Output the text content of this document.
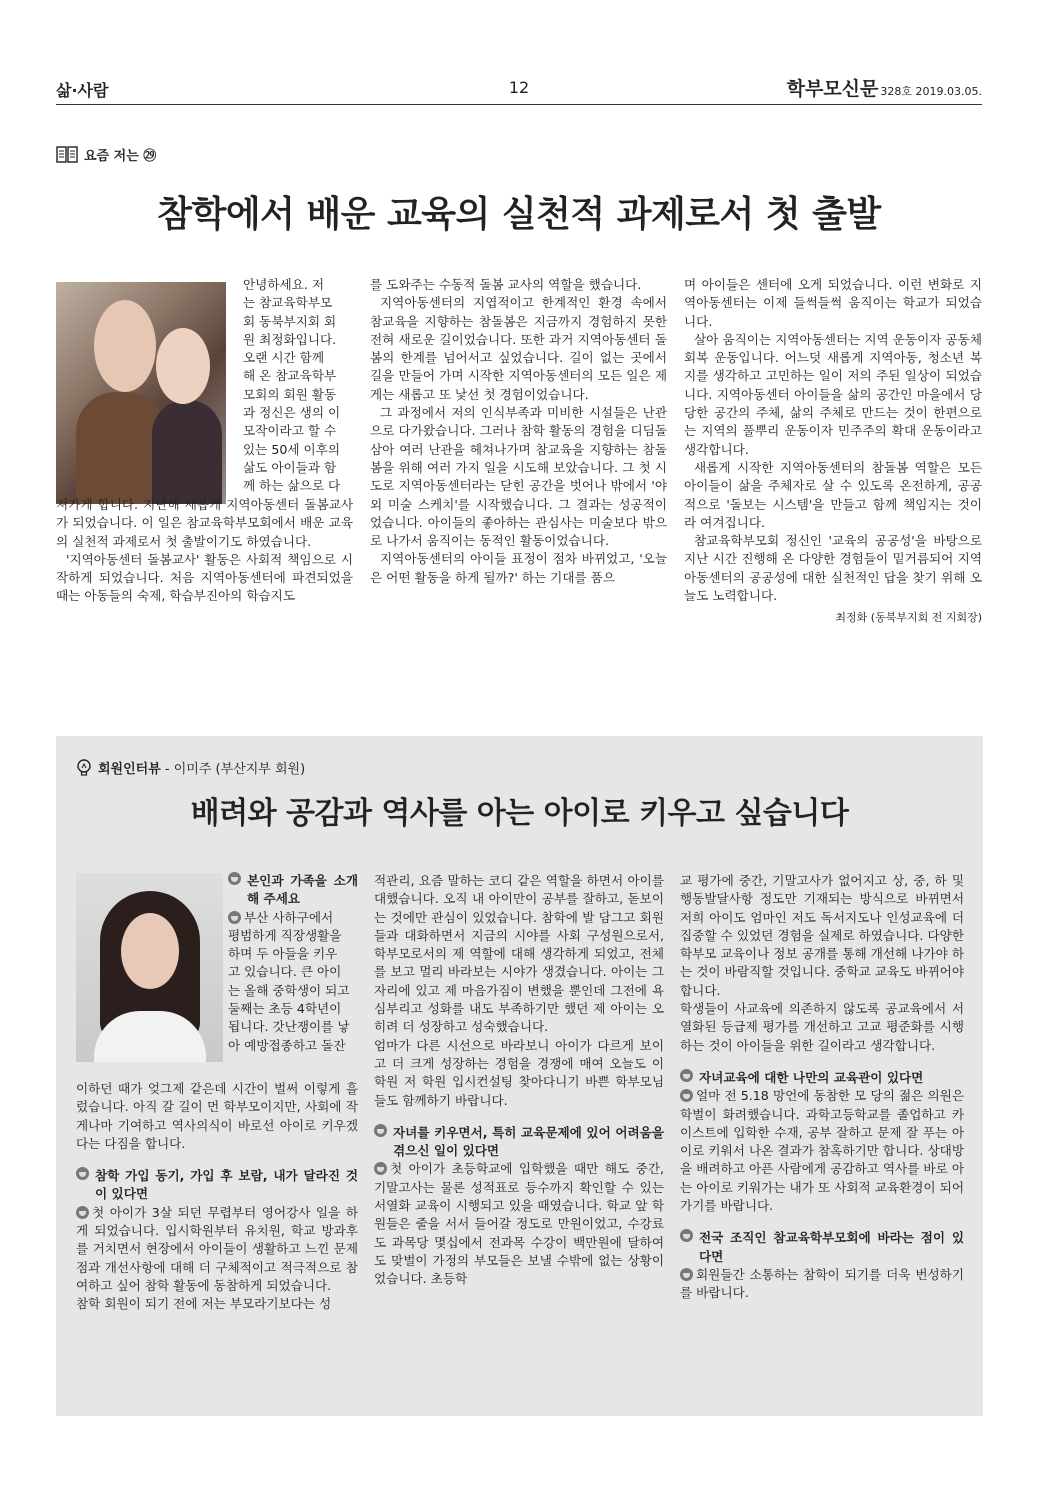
삶·사람	12	학부모신문 328호 2019.03.05.
요즘 저는 ㉙
참학에서 배운 교육의 실천적 과제로서 첫 출발

안녕하세요. 저

는 참교육학부모

회 동북부지회 회

원 최정화입니다.

오랜 시간 함께

해 온 참교육학부

모회의 회원 활동

과 정신은 생의 이

모작이라고 할 수

있는 50세 이후의

삶도 아이들과 함

께 하는 삶으로 다

져가게 합니다. 지난해 새롭게 지역아동센터 돌봄교사가 되었습니다. 이 일은 참교육학부모회에서 배운 교육의 실천적 과제로서 첫 출발이기도 하였습니다.

'지역아동센터 돌봄교사' 활동은 사회적 책임으로 시작하게 되었습니다. 처음 지역아동센터에 파견되었을 때는 아동들의 숙제, 학습부진아의 학습지도

를 도와주는 수동적 돌봄 교사의 역할을 했습니다.

지역아동센터의 지엽적이고 한계적인 환경 속에서 참교육을 지향하는 참돌봄은 지금까지 경험하지 못한 전혀 새로운 길이었습니다. 또한 과거 지역아동센터 돌봄의 한계를 넘어서고 싶었습니다. 길이 없는 곳에서 길을 만들어 가며 시작한 지역아동센터의 모든 일은 제게는 새롭고 또 낯선 첫 경험이었습니다.

그 과정에서 저의 인식부족과 미비한 시설들은 난관으로 다가왔습니다. 그러나 참학 활동의 경험을 디딤돌 삼아 여러 난관을 헤쳐나가며 참교육을 지향하는 참돌봄을 위해 여러 가지 일을 시도해 보았습니다. 그 첫 시도로 지역아동센터라는 닫힌 공간을 벗어나 밖에서 '야외 미술 스케치'를 시작했습니다. 그 결과는 성공적이었습니다. 아이들의 좋아하는 관심사는 미술보다 밖으로 나가서 움직이는 동적인 활동이었습니다.

지역아동센터의 아이들 표정이 점차 바뀌었고, '오늘은 어떤 활동을 하게 될까?' 하는 기대를 품으

며 아이들은 센터에 오게 되었습니다. 이런 변화로 지역아동센터는 이제 들썩들썩 움직이는 학교가 되었습니다.

살아 움직이는 지역아동센터는 지역 운동이자 공동체 회복 운동입니다. 어느덧 새롭게 지역아동, 청소년 복지를 생각하고 고민하는 일이 저의 주된 일상이 되었습니다. 지역아동센터 아이들을 삶의 공간인 마을에서 당당한 공간의 주체, 삶의 주체로 만드는 것이 한편으로는 지역의 풀뿌리 운동이자 민주주의 확대 운동이라고 생각합니다.

새롭게 시작한 지역아동센터의 참돌봄 역할은 모든 아이들이 삶을 주체자로 살 수 있도록 온전하게, 공공적으로 '돌보는 시스템'을 만들고 함께 책임지는 것이라 여겨집니다.

참교육학부모회 정신인 '교육의 공공성'을 바탕으로 지난 시간 진행해 온 다양한 경험들이 밑거름되어 지역아동센터의 공공성에 대한 실천적인 답을 찾기 위해 오늘도 노력합니다.

최정화 (동북부지회 전 지회장)
회원인터뷰 - 이미주 (부산지부 회원)
배려와 공감과 역사를 아는 아이로 키우고 싶습니다

본인과 가족을 소개해 주세요

부산 사하구에서

평범하게 직장생활을

하며 두 아들을 키우

고 있습니다. 큰 아이

는 올해 중학생이 되고

둘째는 초등 4학년이

됩니다. 갓난쟁이를 낳

아 예방접종하고 돌잔

이하던 때가 엊그제 같은데 시간이 벌써 이렇게 흘렀습니다. 아직 갈 길이 먼 학부모이지만, 사회에 작게나마 기여하고 역사의식이 바로선 아이로 키우겠다는 다짐을 합니다.

참학 가입 동기, 가입 후 보람, 내가 달라진 것이 있다면

첫 아이가 3살 되던 무렵부터 영어강사 일을 하게 되었습니다. 입시학원부터 유치원, 학교 방과후를 거치면서 현장에서 아이들이 생활하고 느낀 문제점과 개선사항에 대해 더 구체적이고 적극적으로 참여하고 싶어 참학 활동에 동참하게 되었습니다.

참학 회원이 되기 전에 저는 부모라기보다는 성

적관리, 요즘 말하는 코디 같은 역할을 하면서 아이를 대했습니다. 오직 내 아이만이 공부를 잘하고, 돋보이는 것에만 관심이 있었습니다. 참학에 발 담그고 회원들과 대화하면서 지금의 시야를 사회 구성원으로서, 학부모로서의 제 역할에 대해 생각하게 되었고, 전체를 보고 멀리 바라보는 시야가 생겼습니다. 아이는 그 자리에 있고 제 마음가짐이 변했을 뿐인데 그전에 욕심부리고 성화를 내도 부족하기만 했던 제 아이는 오히려 더 성장하고 성숙했습니다.

엄마가 다른 시선으로 바라보니 아이가 다르게 보이고 더 크게 성장하는 경험을 경쟁에 매여 오늘도 이 학원 저 학원 입시컨설팅 찾아다니기 바쁜 학부모님들도 함께하기 바랍니다.

자녀를 키우면서, 특히 교육문제에 있어 어려움을 겪으신 일이 있다면

첫 아이가 초등학교에 입학했을 때만 해도 중간, 기말고사는 물론 성적표로 등수까지 확인할 수 있는 서열화 교육이 시행되고 있을 때였습니다. 학교 앞 학원들은 줄을 서서 들어갈 정도로 만원이었고, 수강료도 과목당 몇십에서 전과목 수강이 백만원에 달하여도 맞벌이 가정의 부모들은 보낼 수밖에 없는 상황이었습니다. 초등학

교 평가에 중간, 기말고사가 없어지고 상, 중, 하 및 행동발달사항 정도만 기재되는 방식으로 바뀌면서 저희 아이도 엄마인 저도 독서지도나 인성교육에 더 집중할 수 있었던 경험을 실제로 하였습니다. 다양한 학부모 교육이나 정보 공개를 통해 개선해 나가야 하는 것이 바람직할 것입니다. 중학교 교육도 바뀌어야 합니다.

학생들이 사교육에 의존하지 않도록 공교육에서 서열화된 등급제 평가를 개선하고 고교 평준화를 시행하는 것이 아이들을 위한 길이라고 생각합니다.

자녀교육에 대한 나만의 교육관이 있다면

얼마 전 5.18 망언에 동참한 모 당의 젊은 의원은 학벌이 화려했습니다. 과학고등학교를 졸업하고 카이스트에 입학한 수재, 공부 잘하고 문제 잘 푸는 아이로 키워서 나온 결과가 참혹하기만 합니다. 상대방을 배려하고 아픈 사람에게 공감하고 역사를 바로 아는 아이로 키워가는 내가 또 사회적 교육환경이 되어가기를 바랍니다.

전국 조직인 참교육학부모회에 바라는 점이 있다면

회원들간 소통하는 참학이 되기를 더욱 번성하기를 바랍니다.
